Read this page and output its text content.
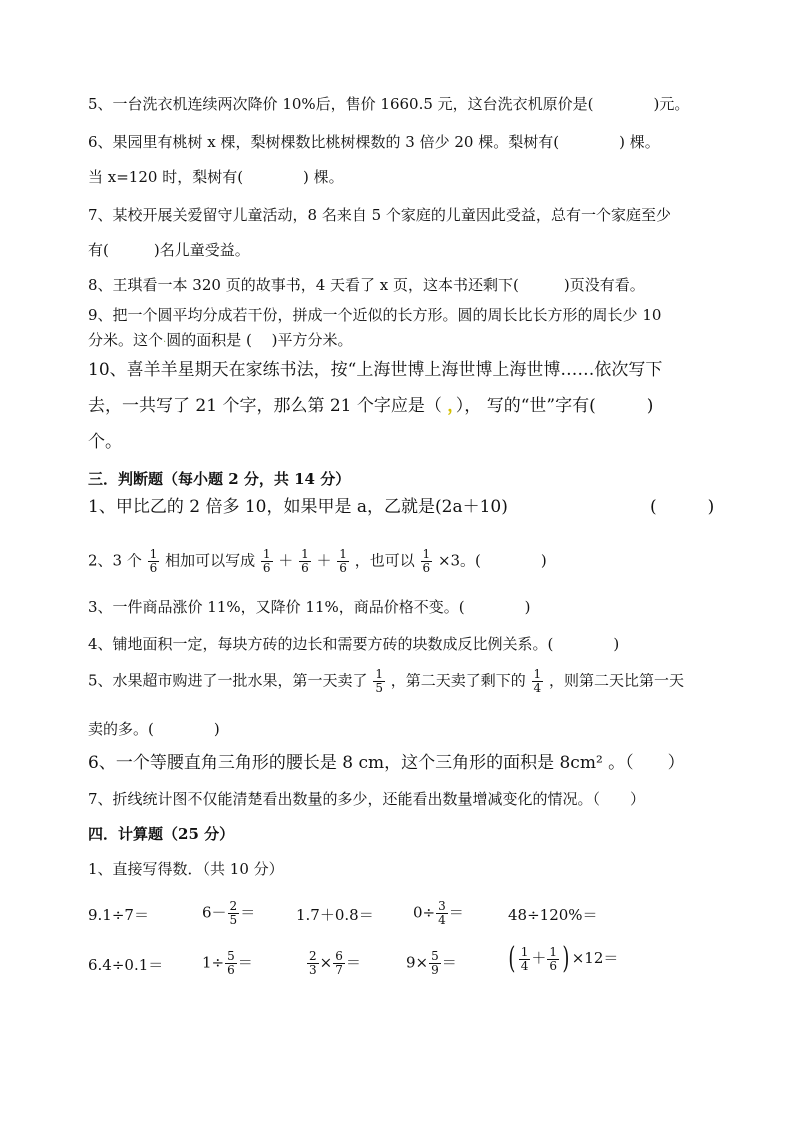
5、一台洗衣机连续两次降价 10%后，售价 1660.5 元，这台洗衣机原价是(　　　　)元。
6、果园里有桃树 x 棵，梨树棵数比桃树棵数的 3 倍少 20 棵。梨树有(　　　　) 棵。
当 x=120 时，梨树有(　　　　) 棵。
7、某校开展关爱留守儿童活动，8 名来自 5 个家庭的儿童因此受益，总有一个家庭至少
有(　　　)名儿童受益。
8、王琪看一本 320 页的故事书，4 天看了 x 页，这本书还剩下(　　　)页没有看。
9、把一个圆平均分成若干份，拼成一个近似的长方形。圆的周长比长方形的周长少 10
分米。这个·圆的面积是 (　 )平方分米。
10、喜羊羊星期天在家练书法，按“上海世博上海世博上海世博……依次写下
去，一共写了 21 个字，那么第 21 个字应是（ ，）， 写的“世”字有(　　　)
个。
三．判断题（每小题 2 分，共 14 分）
1、甲比乙的 2 倍多 10，如果甲是 a，乙就是(2a＋10)	(　　　)
2、3 个 $\frac{1}{6}$ 相加可以写成 $\frac{1}{6} + \frac{1}{6} + \frac{1}{6}$ ，也可以 $\frac{1}{6} \times 3$。(　　　　)
3、一件商品涨价 11%，又降价 11%，商品价格不变。(　　　　)
4、铺地面积一定，每块方砖的边长和需要方砖的块数成反比例关系。(　　　　)
5、水果超市购进了一批水果，第一天卖了 $\frac{1}{5}$ ，第二天卖了剩下的 $\frac{1}{4}$ ，则第二天比第一天
卖的多。(　　　　)
6、一个等腰直角三角形的腰长是 8 cm，这个三角形的面积是 8cm² 。（　　）
7、折线统计图不仅能清楚看出数量的多少，还能看出数量增减变化的情况。（　　）
四．计算题（25 分）
1、直接写得数．（共 10 分）
9.1÷7＝	$6- \frac{2}{5}$ ＝	1.7＋0.8＝	$0\div \frac{3}{4}$ ＝	48÷120%＝
6.4÷0.1＝	$1\div \frac{5}{6}$ ＝	$\frac{2}{3} \times \frac{6}{7}$ ＝	$9\times \frac{5}{9}$ ＝ ( $\frac{1}{4} + \frac{1}{6}$ ) ×12＝
